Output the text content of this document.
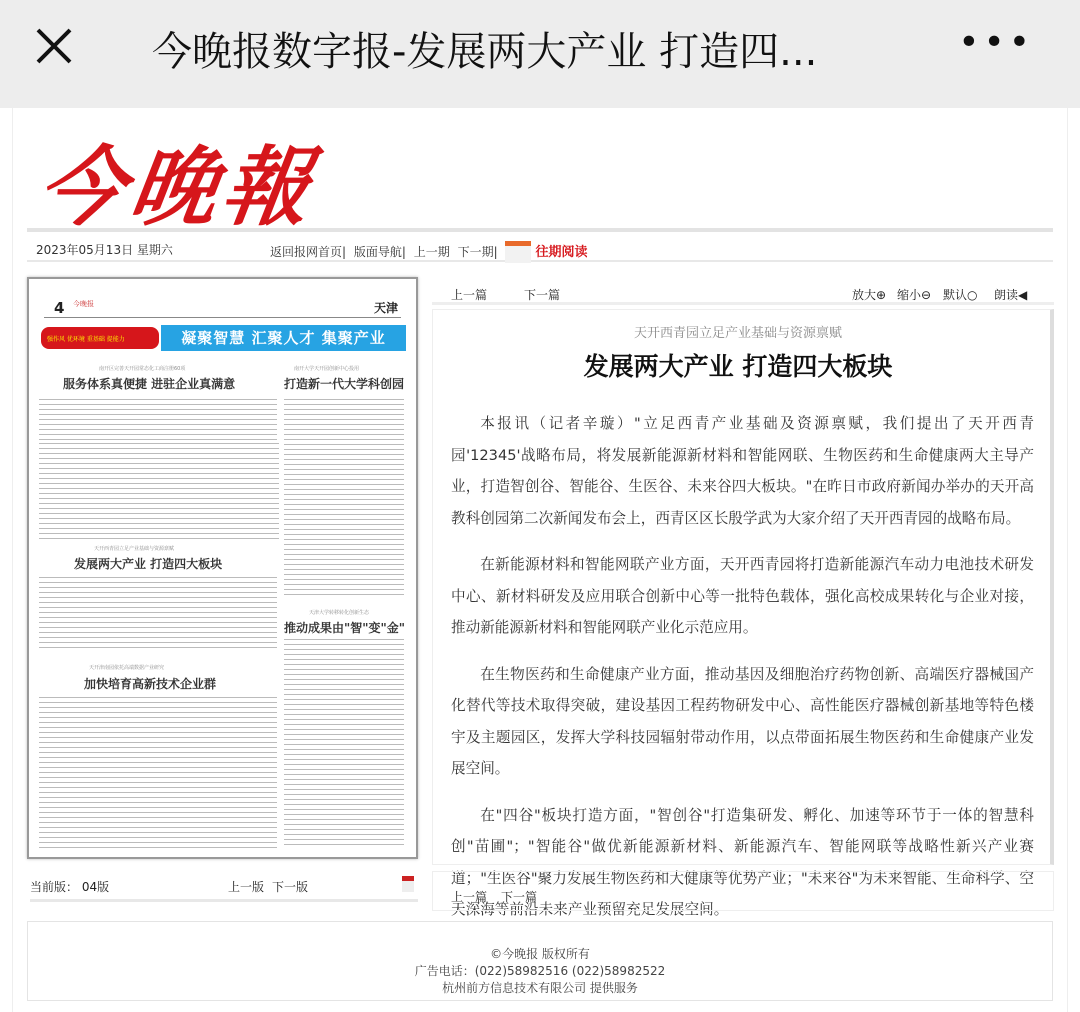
今晚报数字报-发展两大产业 打造四...	•••
今晚報
2023年05月13日 星期六	返回报网首页| 版面导航| 上一期 下一期|	往期阅读
4 今晚报	天津
强作风 优环境 重基础 提能力	凝聚智慧 汇聚人才 集聚产业
南开区完善天开园常态化工商注册60项
服务体系真便捷 进驻企业真满意
南开大学天开园创新中心投用
打造新一代大学科创园
天开西青园立足产业基础与资源禀赋
发展两大产业 打造四大板块
天津大学转移转化创新生态
推动成果由"智"变"金"
天开津南园依托高端数据产业研究
加快培育高新技术企业群
当前版： 04版	上一版 下一版
上一篇	下一篇	放大⊕ 缩小⊖ 默认○ 朗读◀
天开西青园立足产业基础与资源禀赋
发展两大产业 打造四大板块

本报讯（记者辛璇）"立足西青产业基础及资源禀赋，我们提出了天开西青园'12345'战略布局，将发展新能源新材料和智能网联、生物医药和生命健康两大主导产业，打造智创谷、智能谷、生医谷、未来谷四大板块。"在昨日市政府新闻办举办的天开高教科创园第二次新闻发布会上，西青区区长殷学武为大家介绍了天开西青园的战略布局。

在新能源材料和智能网联产业方面，天开西青园将打造新能源汽车动力电池技术研发中心、新材料研发及应用联合创新中心等一批特色载体，强化高校成果转化与企业对接，推动新能源新材料和智能网联产业化示范应用。

在生物医药和生命健康产业方面，推动基因及细胞治疗药物创新、高端医疗器械国产化替代等技术取得突破，建设基因工程药物研发中心、高性能医疗器械创新基地等特色楼宇及主题园区，发挥大学科技园辐射带动作用，以点带面拓展生物医药和生命健康产业发展空间。

在"四谷"板块打造方面，"智创谷"打造集研发、孵化、加速等环节于一体的智慧科创"苗圃"；"智能谷"做优新能源新材料、新能源汽车、智能网联等战略性新兴产业赛道；"生医谷"聚力发展生物医药和大健康等优势产业；"未来谷"为未来智能、生命科学、空天深海等前沿未来产业预留充足发展空间。

上一篇 下一篇
©今晚报 版权所有
广告电话：(022)58982516 (022)58982522
杭州前方信息技术有限公司 提供服务
